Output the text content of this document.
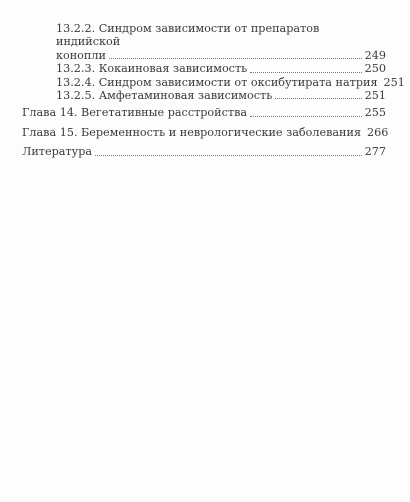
13.2.2. Синдром зависимости от препаратов индийской
конопли	249
13.2.3. Кокаиновая зависимость	250
13.2.4. Синдром зависимости от оксибутирата натрия 251
13.2.5. Амфетаминовая зависимость	251
Глава 14. Вегетативные расстройства	255
Глава 15. Беременность и неврологические заболевания 266
Литература	277
